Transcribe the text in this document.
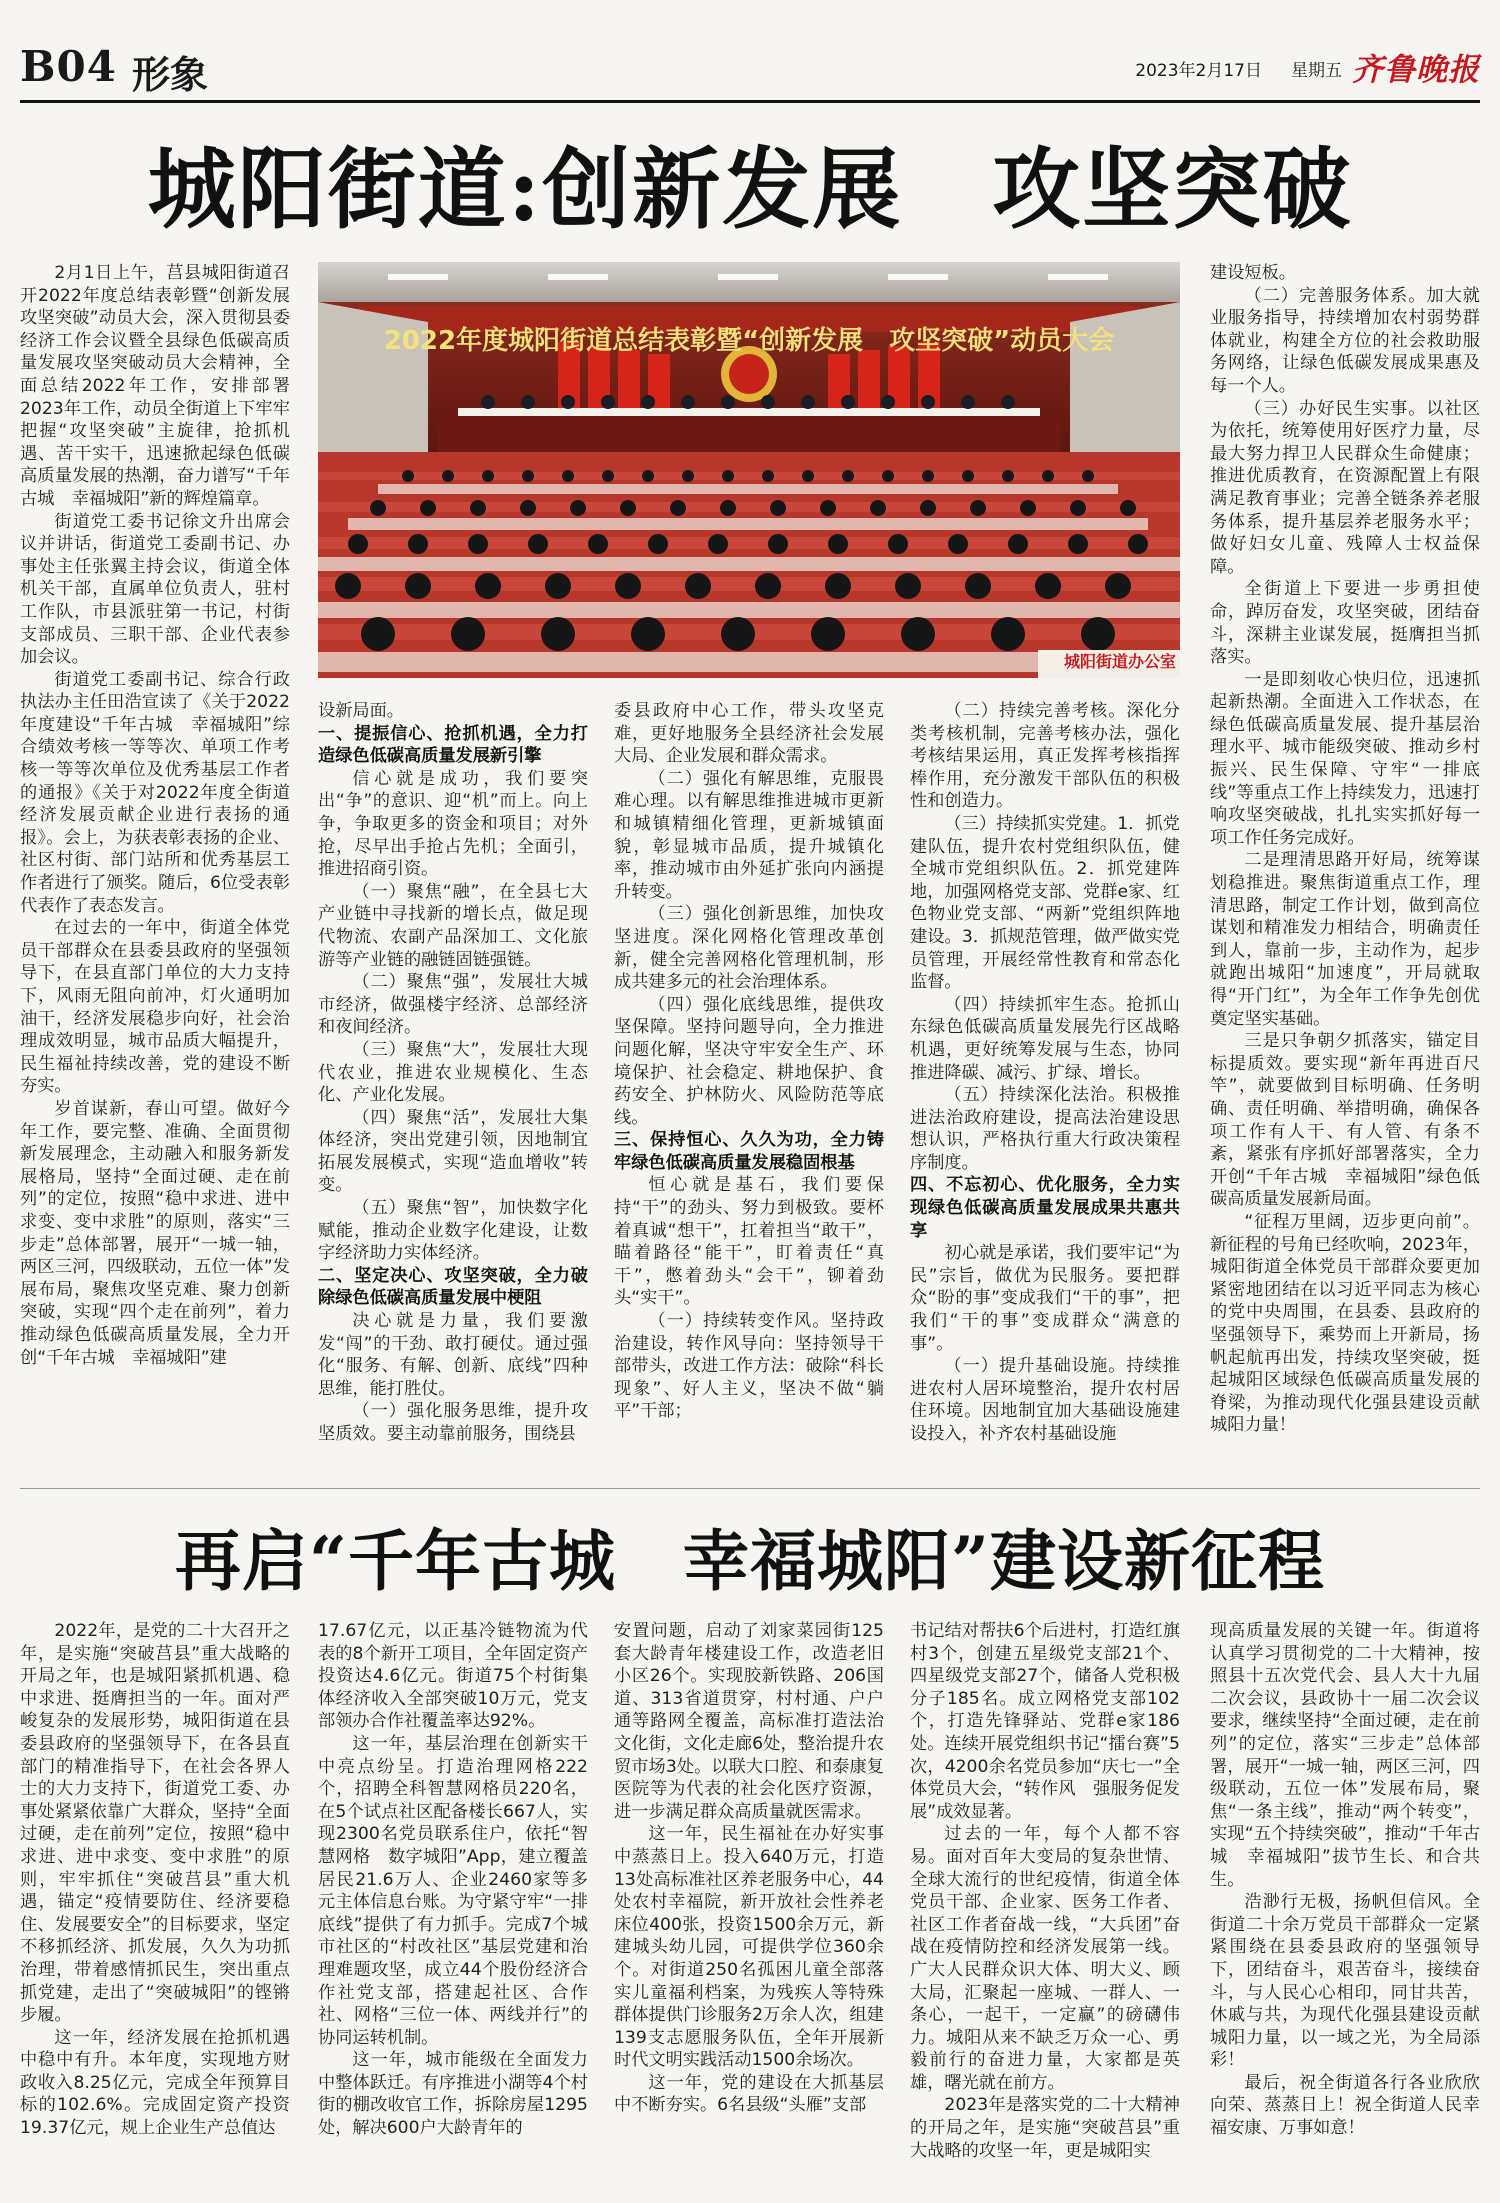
B04 形象	2023年2月17日 星期五 齐鲁晚报
城阳街道:创新发展　攻坚突破
2022年度城阳街道总结表彰暨“创新发展　攻坚突破”动员大会
城阳街道办公室

2月1日上午，莒县城阳街道召开2022年度总结表彰暨“创新发展　攻坚突破”动员大会，深入贯彻县委经济工作会议暨全县绿色低碳高质量发展攻坚突破动员大会精神，全面总结2022年工作，安排部署2023年工作，动员全街道上下牢牢把握“攻坚突破”主旋律，抢抓机遇、苦干实干，迅速掀起绿色低碳高质量发展的热潮，奋力谱写“千年古城　幸福城阳”新的辉煌篇章。

街道党工委书记徐文升出席会议并讲话，街道党工委副书记、办事处主任张翼主持会议，街道全体机关干部，直属单位负责人，驻村工作队，市县派驻第一书记，村街支部成员、三职干部、企业代表参加会议。

街道党工委副书记、综合行政执法办主任田浩宣读了《关于2022年度建设“千年古城　幸福城阳”综合绩效考核一等等次、单项工作考核一等等次单位及优秀基层工作者的通报》《关于对2022年度全街道经济发展贡献企业进行表扬的通报》。会上，为获表彰表扬的企业、社区村街、部门站所和优秀基层工作者进行了颁奖。随后，6位受表彰代表作了表态发言。

在过去的一年中，街道全体党员干部群众在县委县政府的坚强领导下，在县直部门单位的大力支持下，风雨无阻向前冲，灯火通明加油干，经济发展稳步向好，社会治理成效明显，城市品质大幅提升，民生福祉持续改善，党的建设不断夯实。

岁首谋新，春山可望。做好今年工作，要完整、准确、全面贯彻新发展理念，主动融入和服务新发展格局，坚持“全面过硬、走在前列”的定位，按照“稳中求进、进中求变、变中求胜”的原则，落实“三步走”总体部署，展开“一城一轴，两区三河，四级联动，五位一体”发展布局，聚焦攻坚克难、聚力创新突破，实现“四个走在前列”，着力推动绿色低碳高质量发展，全力开创“千年古城　幸福城阳”建

设新局面。

一、提振信心、抢抓机遇，全力打造绿色低碳高质量发展新引擎

信心就是成功，我们要突出“争”的意识、迎“机”而上。向上争，争取更多的资金和项目；对外抢，尽早出手抢占先机；全面引，推进招商引资。

（一）聚焦“融”，在全县七大产业链中寻找新的增长点，做足现代物流、农副产品深加工、文化旅游等产业链的融链固链强链。

（二）聚焦“强”，发展壮大城市经济，做强楼宇经济、总部经济和夜间经济。

（三）聚焦“大”，发展壮大现代农业，推进农业规模化、生态化、产业化发展。

（四）聚焦“活”，发展壮大集体经济，突出党建引领，因地制宜拓展发展模式，实现“造血增收”转变。

（五）聚焦“智”，加快数字化赋能，推动企业数字化建设，让数字经济助力实体经济。

二、坚定决心、攻坚突破，全力破除绿色低碳高质量发展中梗阻

决心就是力量，我们要激发“闯”的干劲、敢打硬仗。通过强化“服务、有解、创新、底线”四种思维，能打胜仗。

（一）强化服务思维，提升攻坚质效。要主动靠前服务，围绕县

委县政府中心工作，带头攻坚克难，更好地服务全县经济社会发展大局、企业发展和群众需求。

（二）强化有解思维，克服畏难心理。以有解思维推进城市更新和城镇精细化管理，更新城镇面貌，彰显城市品质，提升城镇化率，推动城市由外延扩张向内涵提升转变。

（三）强化创新思维，加快攻坚进度。深化网格化管理改革创新，健全完善网格化管理机制，形成共建多元的社会治理体系。

（四）强化底线思维，提供攻坚保障。坚持问题导向，全力推进问题化解，坚决守牢安全生产、环境保护、社会稳定、耕地保护、食药安全、护林防火、风险防范等底线。

三、保持恒心、久久为功，全力铸牢绿色低碳高质量发展稳固根基

恒心就是基石，我们要保持“干”的劲头、努力到极致。要杯着真诚“想干”，扛着担当“敢干”，瞄着路径“能干”，盯着责任“真干”，憋着劲头“会干”，铆着劲头“实干”。

（一）持续转变作风。坚持政治建设，转作风导向：坚持领导干部带头，改进工作方法：破除“科长现象”、好人主义，坚决不做“躺平”干部；

（二）持续完善考核。深化分类考核机制，完善考核办法，强化考核结果运用，真正发挥考核指挥棒作用，充分激发干部队伍的积极性和创造力。

（三）持续抓实党建。1．抓党建队伍，提升农村党组织队伍，健全城市党组织队伍。2．抓党建阵地，加强网格党支部、党群e家、红色物业党支部、“两新”党组织阵地建设。3．抓规范管理，做严做实党员管理，开展经常性教育和常态化监督。

（四）持续抓牢生态。抢抓山东绿色低碳高质量发展先行区战略机遇，更好统筹发展与生态，协同推进降碳、减污、扩绿、增长。

（五）持续深化法治。积极推进法治政府建设，提高法治建设思想认识，严格执行重大行政决策程序制度。

四、不忘初心、优化服务，全力实现绿色低碳高质量发展成果共惠共享

初心就是承诺，我们要牢记“为民”宗旨，做优为民服务。要把群众“盼的事”变成我们“干的事”，把我们“干的事”变成群众“满意的事”。

（一）提升基础设施。持续推进农村人居环境整治，提升农村居住环境。因地制宜加大基础设施建设投入，补齐农村基础设施

建设短板。

（二）完善服务体系。加大就业服务指导，持续增加农村弱势群体就业，构建全方位的社会救助服务网络，让绿色低碳发展成果惠及每一个人。

（三）办好民生实事。以社区为依托，统筹使用好医疗力量，尽最大努力捍卫人民群众生命健康；推进优质教育，在资源配置上有限满足教育事业；完善全链条养老服务体系，提升基层养老服务水平；做好妇女儿童、残障人士权益保障。

全街道上下要进一步勇担使命，踔厉奋发，攻坚突破，团结奋斗，深耕主业谋发展，挺膺担当抓落实。

一是即刻收心快归位，迅速抓起新热潮。全面进入工作状态，在绿色低碳高质量发展、提升基层治理水平、城市能级突破、推动乡村振兴、民生保障、守牢“一排底线”等重点工作上持续发力，迅速打响攻坚突破战，扎扎实实抓好每一项工作任务完成好。

二是理清思路开好局，统筹谋划稳推进。聚焦街道重点工作，理清思路，制定工作计划，做到高位谋划和精准发力相结合，明确责任到人，靠前一步，主动作为，起步就跑出城阳“加速度”，开局就取得“开门红”，为全年工作争先创优奠定坚实基础。

三是只争朝夕抓落实，锚定目标提质效。要实现“新年再进百尺竿”，就要做到目标明确、任务明确、责任明确、举措明确，确保各项工作有人干、有人管、有条不紊，紧张有序抓好部署落实，全力开创“千年古城　幸福城阳”绿色低碳高质量发展新局面。

“征程万里阔，迈步更向前”。新征程的号角已经吹响，2023年，城阳街道全体党员干部群众要更加紧密地团结在以习近平同志为核心的党中央周围，在县委、县政府的坚强领导下，乘势而上开新局，扬帆起航再出发，持续攻坚突破，挺起城阳区域绿色低碳高质量发展的脊梁，为推动现代化强县建设贡献城阳力量！

再启“千年古城　幸福城阳”建设新征程

2022年，是党的二十大召开之年，是实施“突破莒县”重大战略的开局之年，也是城阳紧抓机遇、稳中求进、挺膺担当的一年。面对严峻复杂的发展形势，城阳街道在县委县政府的坚强领导下，在各县直部门的精准指导下，在社会各界人士的大力支持下，街道党工委、办事处紧紧依靠广大群众，坚持“全面过硬，走在前列”定位，按照“稳中求进、进中求变、变中求胜”的原则，牢牢抓住“突破莒县”重大机遇，锚定“疫情要防住、经济要稳住、发展要安全”的目标要求，坚定不移抓经济、抓发展，久久为功抓治理，带着感情抓民生，突出重点抓党建，走出了“突破城阳”的铿锵步履。

这一年，经济发展在抢抓机遇中稳中有升。本年度，实现地方财政收入8.25亿元，完成全年预算目标的102.6%。完成固定资产投资19.37亿元，规上企业生产总值达

17.67亿元，以正基冷链物流为代表的8个新开工项目，全年固定资产投资达4.6亿元。街道75个村街集体经济收入全部突破10万元，党支部领办合作社覆盖率达92%。

这一年，基层治理在创新实干中亮点纷呈。打造治理网格222个，招聘全科智慧网格员220名，在5个试点社区配备楼长667人，实现2300名党员联系住户，依托“智慧网格　数字城阳”App，建立覆盖居民21.6万人、企业2460家等多元主体信息台账。为守紧守牢“一排底线”提供了有力抓手。完成7个城市社区的“村改社区”基层党建和治理难题攻坚，成立44个股份经济合作社党支部，搭建起社区、合作社、网格“三位一体、两线并行”的协同运转机制。

这一年，城市能级在全面发力中整体跃迁。有序推进小湖等4个村街的棚改收官工作，拆除房屋1295处，解决600户大龄青年的

安置问题，启动了刘家菜园街125套大龄青年楼建设工作，改造老旧小区26个。实现胶新铁路、206国道、313省道贯穿，村村通、户户通等路网全覆盖，高标准打造法治文化街，文化走廊6处，整治提升农贸市场3处。以联大口腔、和泰康复医院等为代表的社会化医疗资源，进一步满足群众高质量就医需求。

这一年，民生福祉在办好实事中蒸蒸日上。投入640万元，打造13处高标准社区养老服务中心，44处农村幸福院，新开放社会性养老床位400张，投资1500余万元，新建城头幼儿园，可提供学位360余个。对街道250名孤困儿童全部落实儿童福利档案，为残疾人等特殊群体提供门诊服务2万余人次，组建139支志愿服务队伍，全年开展新时代文明实践活动1500余场次。

这一年，党的建设在大抓基层中不断夯实。6名县级“头雁”支部

书记结对帮扶6个后进村，打造红旗村3个，创建五星级党支部21个、四星级党支部27个，储备人党积极分子185名。成立网格党支部102个，打造先锋驿站、党群e家186处。连续开展党组织书记“擂台赛”5次，4200余名党员参加“庆七一”全体党员大会，“转作风　强服务促发展”成效显著。

过去的一年，每个人都不容易。面对百年大变局的复杂世情、全球大流行的世纪疫情，街道全体党员干部、企业家、医务工作者、社区工作者奋战一线，“大兵团”奋战在疫情防控和经济发展第一线。广大人民群众识大体、明大义、顾大局，汇聚起一座城、一群人、一条心，一起干，一定赢”的磅礴伟力。城阳从来不缺乏万众一心、勇毅前行的奋进力量，大家都是英雄，曙光就在前方。

2023年是落实党的二十大精神的开局之年，是实施“突破莒县”重大战略的攻坚一年，更是城阳实

现高质量发展的关键一年。街道将认真学习贯彻党的二十大精神，按照县十五次党代会、县人大十九届二次会议，县政协十一届二次会议要求，继续坚持“全面过硬，走在前列”的定位，落实“三步走”总体部署，展开“一城一轴，两区三河，四级联动，五位一体”发展布局，聚焦“一条主线”，推动“两个转变”，实现“五个持续突破”，推动“千年古城　幸福城阳”拔节生长、和合共生。

浩渺行无极，扬帆但信风。全街道二十余万党员干部群众一定紧紧围绕在县委县政府的坚强领导下，团结奋斗，艰苦奋斗，接续奋斗，与人民心心相印，同甘共苦，休戚与共，为现代化强县建设贡献城阳力量，以一域之光，为全局添彩！

最后，祝全街道各行各业欣欣向荣、蒸蒸日上！祝全街道人民幸福安康、万事如意！
